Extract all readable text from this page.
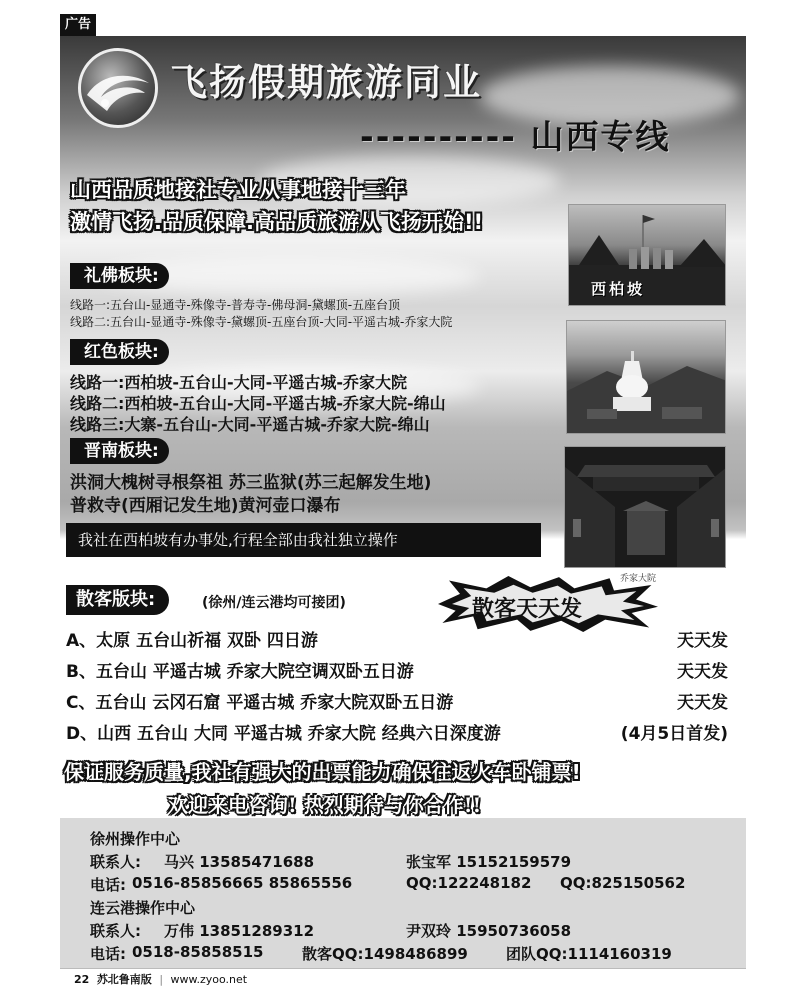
广告
飞扬假期旅游同业
---------- 山西专线
山西品质地接社专业从事地接十三年
激情飞扬.品质保障.高品质旅游从飞扬开始!!
礼佛板块:
线路一:五台山-显通寺-殊像寺-普寿寺-佛母洞-黛螺顶-五座台顶
线路二:五台山-显通寺-殊像寺-黛螺顶-五座台顶-大同-平遥古城-乔家大院
红色板块:
线路一:西柏坡-五台山-大同-平遥古城-乔家大院
线路二:西柏坡-五台山-大同-平遥古城-乔家大院-绵山
线路三:大寨-五台山-大同-平遥古城-乔家大院-绵山
晋南板块:
洪洞大槐树寻根祭祖 苏三监狱(苏三起解发生地)
普救寺(西厢记发生地)黄河壶口瀑布
我社在西柏坡有办事处,行程全部由我社独立操作
西柏坡
乔家大院
散客版块:	(徐州/连云港均可接团)	散客天天发
A、太原 五台山祈福 双卧 四日游	天天发
B、五台山 平遥古城 乔家大院空调双卧五日游	天天发
C、五台山 云冈石窟 平遥古城 乔家大院双卧五日游	天天发
D、山西 五台山 大同 平遥古城 乔家大院 经典六日深度游	(4月5日首发)
保证服务质量,我社有强大的出票能力确保往返火车卧铺票!
欢迎来电咨询! 热烈期待与你合作!!
徐州操作中心
联系人: 马兴 13585471688	张宝军 15152159579
电话: 0516-85856665 85865556	QQ:122248182 QQ:825150562
连云港操作中心
联系人: 万伟 13851289312	尹双玲 15950736058
电话: 0518-85858515	散客QQ:1498486899	团队QQ:1114160319
22 苏北鲁南版 | www.zyoo.net
